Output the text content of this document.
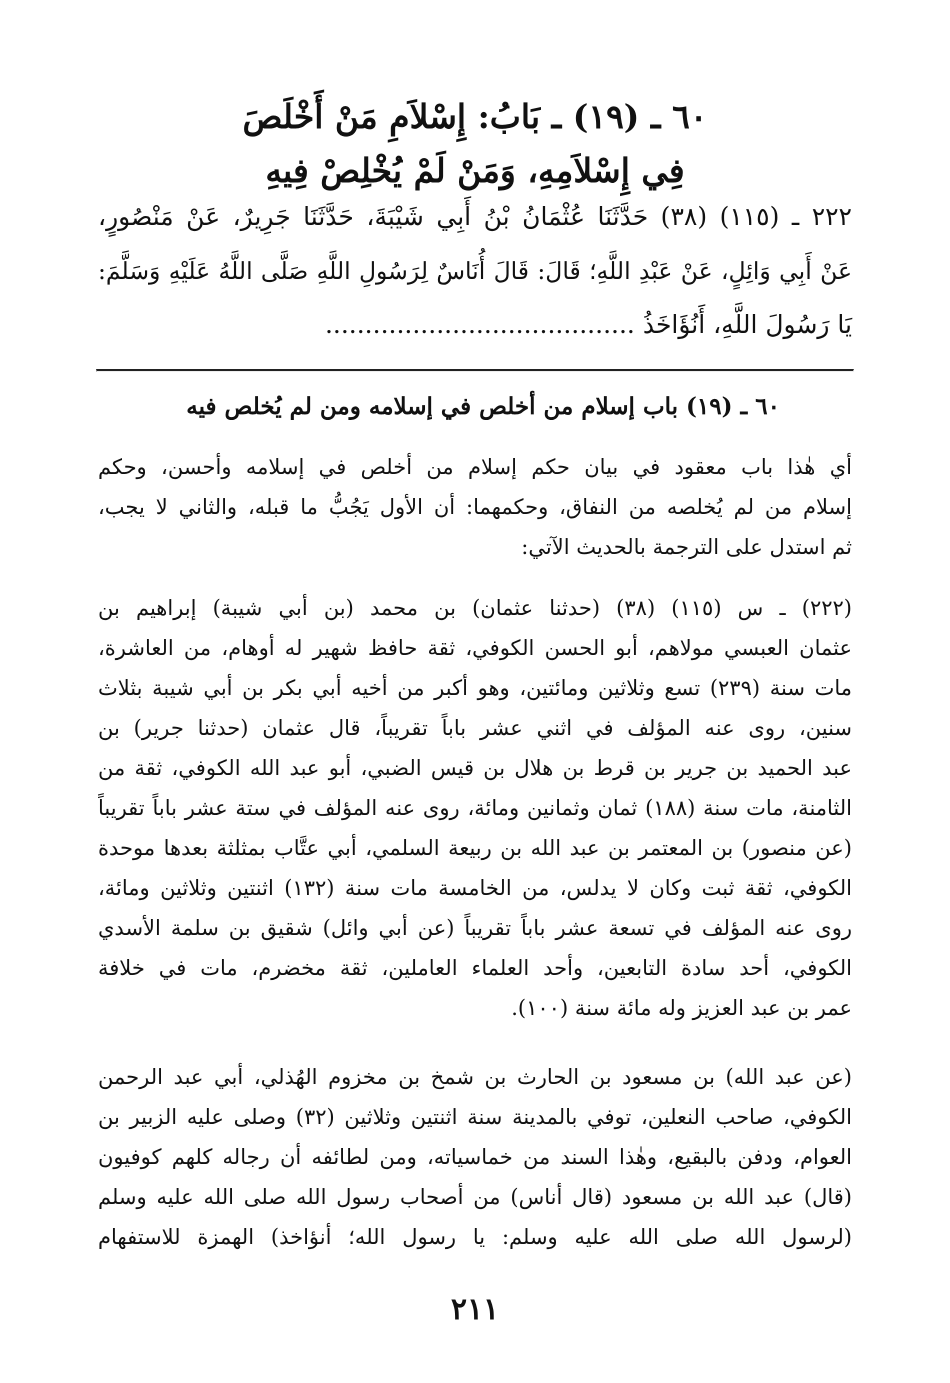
٦٠ ـ (١٩) ـ بَابُ: إِسْلاَمِ مَنْ أَخْلَصَ
فِي إِسْلاَمِهِ، وَمَنْ لَمْ يُخْلِصْ فِيهِ

٢٢٢ ـ (١١٥) (٣٨) حَدَّثَنَا عُثْمَانُ بْنُ أَبِي شَيْبَةَ، حَدَّثَنَا جَرِيرٌ، عَنْ مَنْصُورٍ،

عَنْ أَبِي وَائِلٍ، عَنْ عَبْدِ اللَّهِ؛ قَالَ: قَالَ أُنَاسٌ لِرَسُولِ اللَّهِ صَلَّى اللَّهُ عَلَيْهِ وَسَلَّمَ:

يَا رَسُولَ اللَّهِ، أَنُؤَاخَذُ .......................................

٦٠ ـ (١٩) باب إسلام من أخلص في إسلامه ومن لم يُخلص فيه

أي هٰذا باب معقود في بيان حكم إسلام من أخلص في إسلامه وأحسن، وحكم

إسلام من لم يُخلصه من النفاق، وحكمهما: أن الأول يَجُبُّ ما قبله، والثاني لا يجب،

ثم استدل على الترجمة بالحديث الآتي:

(٢٢٢) ـ س (١١٥) (٣٨) (حدثنا عثمان) بن محمد (بن أبي شيبة) إبراهيم بن

عثمان العبسي مولاهم، أبو الحسن الكوفي، ثقة حافظ شهير له أوهام، من العاشرة،

مات سنة (٢٣٩) تسع وثلاثين ومائتين، وهو أكبر من أخيه أبي بكر بن أبي شيبة بثلاث

سنين، روى عنه المؤلف في اثني عشر باباً تقريباً، قال عثمان (حدثنا جرير) بن

عبد الحميد بن جرير بن قرط بن هلال بن قيس الضبي، أبو عبد الله الكوفي، ثقة من

الثامنة، مات سنة (١٨٨) ثمان وثمانين ومائة، روى عنه المؤلف في ستة عشر باباً تقريباً

(عن منصور) بن المعتمر بن عبد الله بن ربيعة السلمي، أبي عتَّاب بمثلثة بعدها موحدة

الكوفي، ثقة ثبت وكان لا يدلس، من الخامسة مات سنة (١٣٢) اثنتين وثلاثين ومائة،

روى عنه المؤلف في تسعة عشر باباً تقريباً (عن أبي وائل) شقيق بن سلمة الأسدي

الكوفي، أحد سادة التابعين، وأحد العلماء العاملين، ثقة مخضرم، مات في خلافة

عمر بن عبد العزيز وله مائة سنة (١٠٠).

(عن عبد الله) بن مسعود بن الحارث بن شمخ بن مخزوم الهُذلي، أبي عبد الرحمن

الكوفي، صاحب النعلين، توفي بالمدينة سنة اثنتين وثلاثين (٣٢) وصلى عليه الزبير بن

العوام، ودفن بالبقيع، وهٰذا السند من خماسياته، ومن لطائفه أن رجاله كلهم كوفيون

(قال) عبد الله بن مسعود (قال أناس) من أصحاب رسول الله صلى الله عليه وسلم

(لرسول الله صلى الله عليه وسلم: يا رسول الله؛ أنؤاخذ) الهمزة للاستفهام

٢١١
